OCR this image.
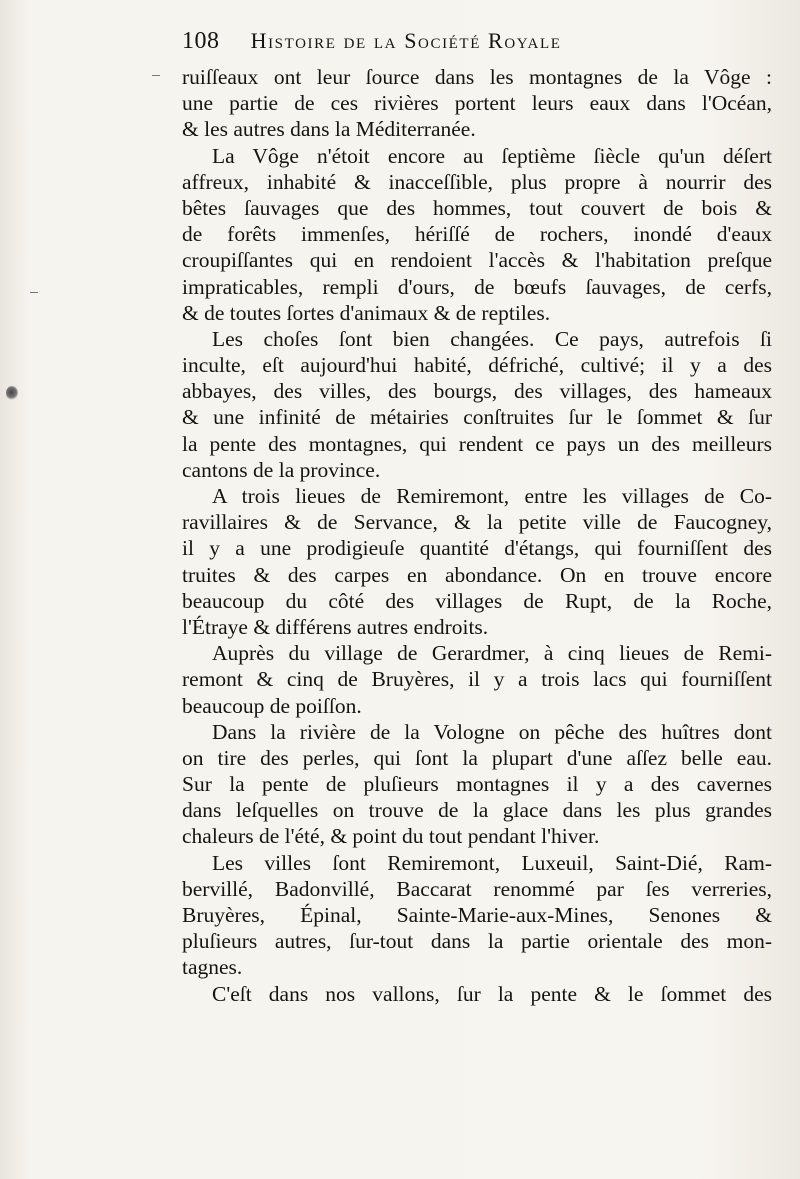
108 Histoire de la Société Royale
ruiſſeaux ont leur ſource dans les montagnes de la Vôge :
une partie de ces rivières portent leurs eaux dans l'Océan,
& les autres dans la Méditerranée.
La Vôge n'étoit encore au ſeptième ſiècle qu'un déſert
affreux, inhabité & inacceſſible, plus propre à nourrir des
bêtes ſauvages que des hommes, tout couvert de bois &
de forêts immenſes, hériſſé de rochers, inondé d'eaux
croupiſſantes qui en rendoient l'accès & l'habitation preſque
impraticables, rempli d'ours, de bœufs ſauvages, de cerfs,
& de toutes ſortes d'animaux & de reptiles.
Les choſes ſont bien changées. Ce pays, autrefois ſi
inculte, eſt aujourd'hui habité, défriché, cultivé; il y a des
abbayes, des villes, des bourgs, des villages, des hameaux
& une infinité de métairies conſtruites ſur le ſommet & ſur
la pente des montagnes, qui rendent ce pays un des meilleurs
cantons de la province.
A trois lieues de Remiremont, entre les villages de Co-
ravillaires & de Servance, & la petite ville de Faucogney,
il y a une prodigieuſe quantité d'étangs, qui fourniſſent des
truites & des carpes en abondance. On en trouve encore
beaucoup du côté des villages de Rupt, de la Roche,
l'Étraye & différens autres endroits.
Auprès du village de Gerardmer, à cinq lieues de Remi-
remont & cinq de Bruyères, il y a trois lacs qui fourniſſent
beaucoup de poiſſon.
Dans la rivière de la Vologne on pêche des huîtres dont
on tire des perles, qui ſont la plupart d'une aſſez belle eau.
Sur la pente de pluſieurs montagnes il y a des cavernes
dans leſquelles on trouve de la glace dans les plus grandes
chaleurs de l'été, & point du tout pendant l'hiver.
Les villes ſont Remiremont, Luxeuil, Saint-Dié, Ram-
bervillé, Badonvillé, Baccarat renommé par ſes verreries,
Bruyères, Épinal, Sainte-Marie-aux-Mines, Senones &
pluſieurs autres, ſur-tout dans la partie orientale des mon-
tagnes.
C'eſt dans nos vallons, ſur la pente & le ſommet des
